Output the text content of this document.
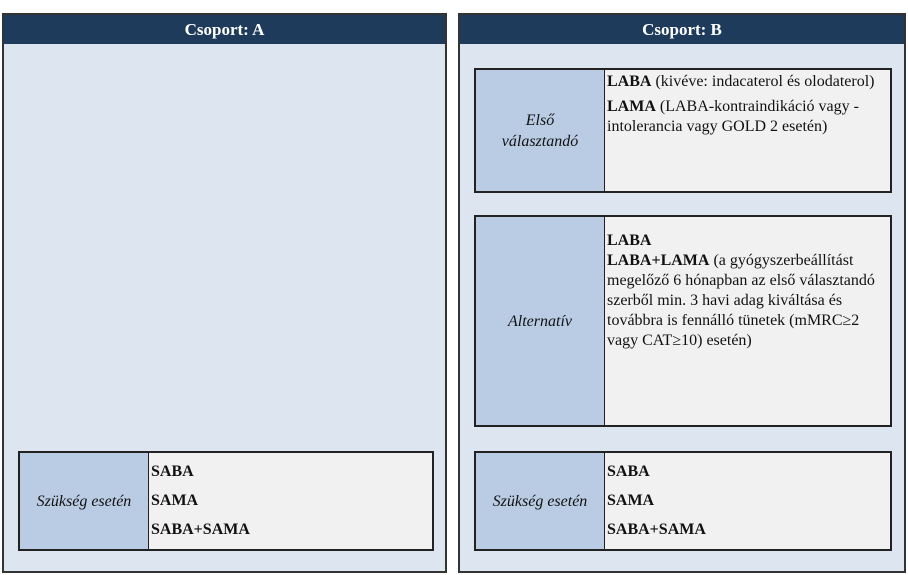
Csoport: A
Szükség esetén
SABA
SAMA
SABA+SAMA
Csoport: B
Első
választandó

LABA (kivéve: indacaterol és olodaterol)

LAMA (LABA-kontraindikáció vagy -intolerancia vagy GOLD 2 esetén)

Alternatív

LABA

LABA+LAMA (a gyógyszerbeállítást megelőző 6 hónapban az első választandó szerből min. 3 havi adag kiváltása és továbbra is fennálló tünetek (mMRC≥2 vagy CAT≥10) esetén)

Szükség esetén
SABA
SAMA
SABA+SAMA
